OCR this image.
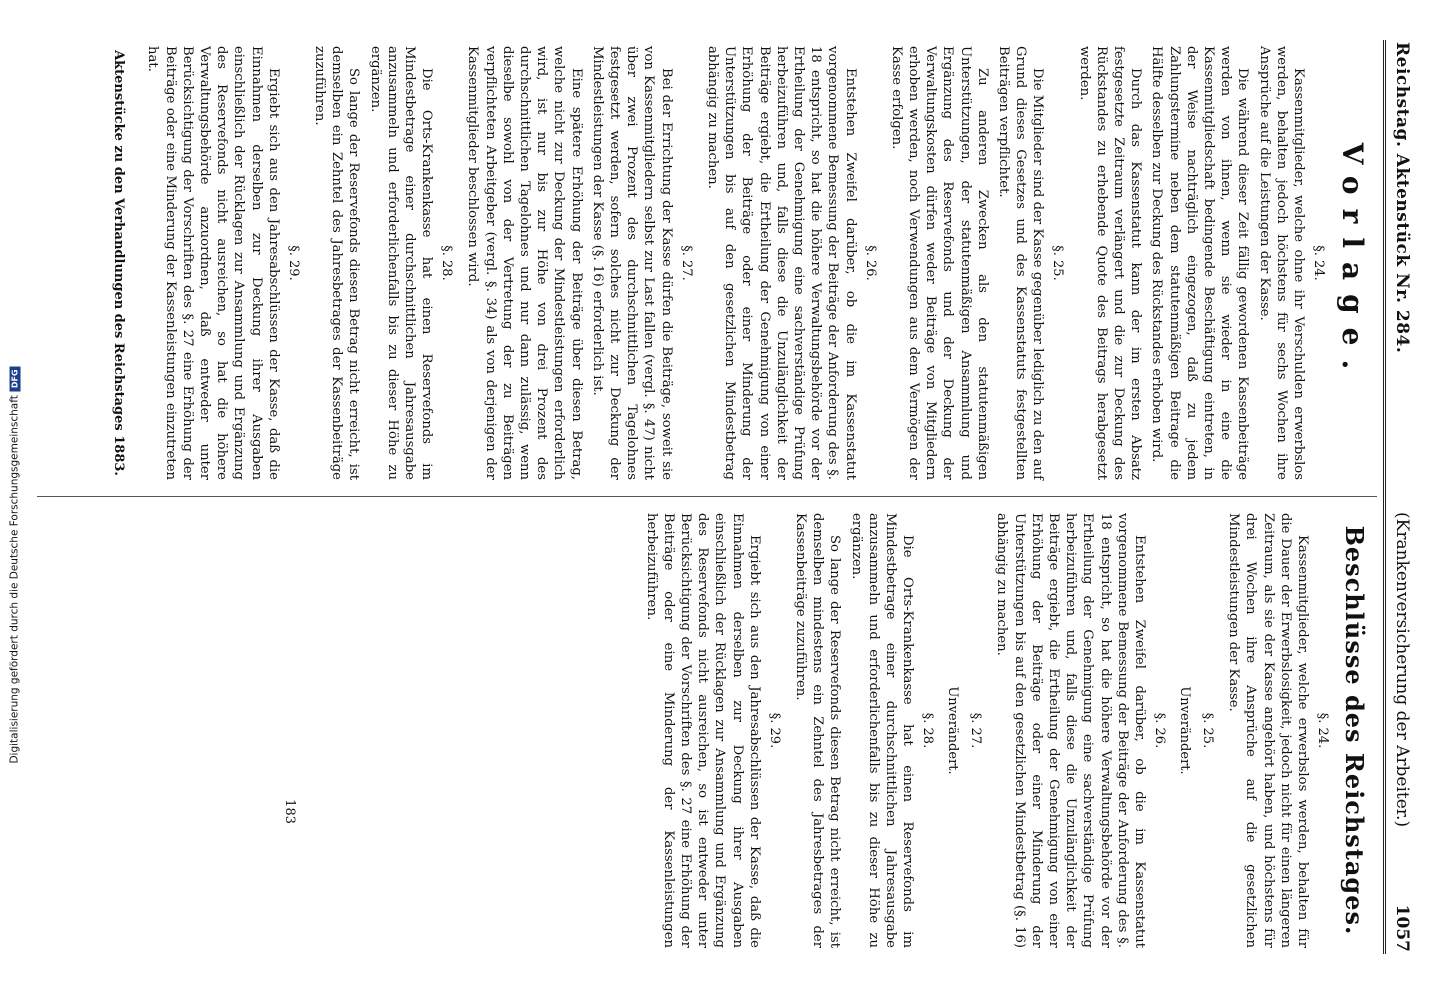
Digitalisierung gefördert durch die Deutsche Forschungsgemeinschaft
DFG
Reichstag. Aktenstück Nr. 284.
(Krankenversicherung der Arbeiter.)
1057
Vorlage.
§. 24.

Kassenmitglieder, welche ohne ihr Verschulden erwerbslos werden, behalten jedoch höchstens für sechs Wochen ihre Ansprüche auf die Leistungen der Kasse.

Die während dieser Zeit fällig gewordenen Kassenbeiträge werden von ihnen, wenn sie wieder in eine die Kassenmitgliedschaft bedingende Beschäftigung eintreten, in der Weise nachträglich eingezogen, daß zu jedem Zahlungstermine neben dem statutenmäßigen Beitrage die Hälfte desselben zur Deckung des Rückstandes erhoben wird.

Durch das Kassenstatut kann der im ersten Absatz festgesetzte Zeitraum verlängert und die zur Deckung des Rückstandes zu erhebende Quote des Beitrags herabgesetzt werden.

§. 25.

Die Mitglieder sind der Kasse gegenüber lediglich zu den auf Grund dieses Gesetzes und des Kassenstatuts festgestellten Beiträgen verpflichtet.

Zu anderen Zwecken als den statutenmäßigen Unterstützungen, der statutenmäßigen Ansammlung und Ergänzung des Reservefonds und der Deckung der Verwaltungskosten dürfen weder Beiträge von Mitgliedern erhoben werden, noch Verwendungen aus dem Vermögen der Kasse erfolgen.

§. 26.

Entstehen Zweifel darüber, ob die im Kassenstatut vorgenommene Bemessung der Beiträge der Anforderung des §. 18 entspricht, so hat die höhere Verwaltungsbehörde vor der Ertheilung der Genehmigung eine sachverständige Prüfung herbeizuführen und, falls diese die Unzulänglichkeit der Beiträge ergiebt, die Ertheilung der Genehmigung von einer Erhöhung der Beiträge oder einer Minderung der Unterstützungen bis auf den gesetzlichen Mindestbetrag abhängig zu machen.

§. 27.

Bei der Errichtung der Kasse dürfen die Beiträge, soweit sie von Kassenmitgliedern selbst zur Last fallen (vergl. §. 47) nicht über zwei Prozent des durchschnittlichen Tagelohnes festgesetzt werden, sofern solches nicht zur Deckung der Mindestleistungen der Kasse (§. 16) erforderlich ist.

Eine spätere Erhöhung der Beiträge über diesen Betrag, welche nicht zur Deckung der Mindestleistungen erforderlich wird, ist nur bis zur Höhe von drei Prozent des durchschnittlichen Tagelohnes und nur dann zulässig, wenn dieselbe sowohl von der Vertretung der zu Beiträgen verpflichteten Arbeitgeber (vergl. §. 34) als von derjenigen der Kassenmitglieder beschlossen wird.

§. 28.

Die Orts-Krankenkasse hat einen Reservefonds im Mindestbetrage einer durchschnittlichen Jahresausgabe anzusammeln und erforderlichenfalls bis zu dieser Höhe zu ergänzen.

So lange der Reservefonds diesen Betrag nicht erreicht, ist demselben ein Zehntel des Jahresbetrages der Kassenbeiträge zuzuführen.

§. 29.

Ergiebt sich aus den Jahresabschlüssen der Kasse, daß die Einnahmen derselben zur Deckung ihrer Ausgaben einschließlich der Rücklagen zur Ansammlung und Ergänzung des Reservefonds nicht ausreichen, so hat die höhere Verwaltungsbehörde anzuordnen, daß entweder unter Berücksichtigung der Vorschriften des §. 27 eine Erhöhung der Beiträge oder eine Minderung der Kassenleistungen einzutreten hat.

Aktenstücke zu den Verhandlungen des Reichstages 1883.
Beschlüsse des Reichstages.
§. 24.

Kassenmitglieder, welche erwerbslos werden, behalten für die Dauer der Erwerbslosigkeit, jedoch nicht für einen längeren Zeitraum, als sie der Kasse angehört haben, und höchstens für drei Wochen ihre Ansprüche auf die gesetzlichen Mindestleistungen der Kasse.

§. 25.
Unverändert.
§. 26.

Entstehen Zweifel darüber, ob die im Kassenstatut vorgenommene Bemessung der Beiträge der Anforderung des §. 18 entspricht, so hat die höhere Verwaltungsbehörde vor der Ertheilung der Genehmigung eine sachverständige Prüfung herbeizuführen und, falls diese die Unzulänglichkeit der Beiträge ergiebt, die Ertheilung der Genehmigung von einer Erhöhung der Beiträge oder einer Minderung der Unterstützungen bis auf den gesetzlichen Mindestbetrag (§. 16) abhängig zu machen.

§. 27.
Unverändert.
§. 28.

Die Orts-Krankenkasse hat einen Reservefonds im Mindestbetrage einer durchschnittlichen Jahresausgabe anzusammeln und erforderlichenfalls bis zu dieser Höhe zu ergänzen.

So lange der Reservefonds diesen Betrag nicht erreicht, ist demselben mindestens ein Zehntel des Jahresbetrages der Kassenbeiträge zuzuführen.

§. 29.

Ergiebt sich aus den Jahresabschlüssen der Kasse, daß die Einnahmen derselben zur Deckung ihrer Ausgaben einschließlich der Rücklagen zur Ansammlung und Ergänzung des Reservefonds nicht ausreichen, so ist entweder unter Berücksichtigung der Vorschriften des §. 27 eine Erhöhung der Beiträge oder eine Minderung der Kassenleistungen herbeizuführen.

183
